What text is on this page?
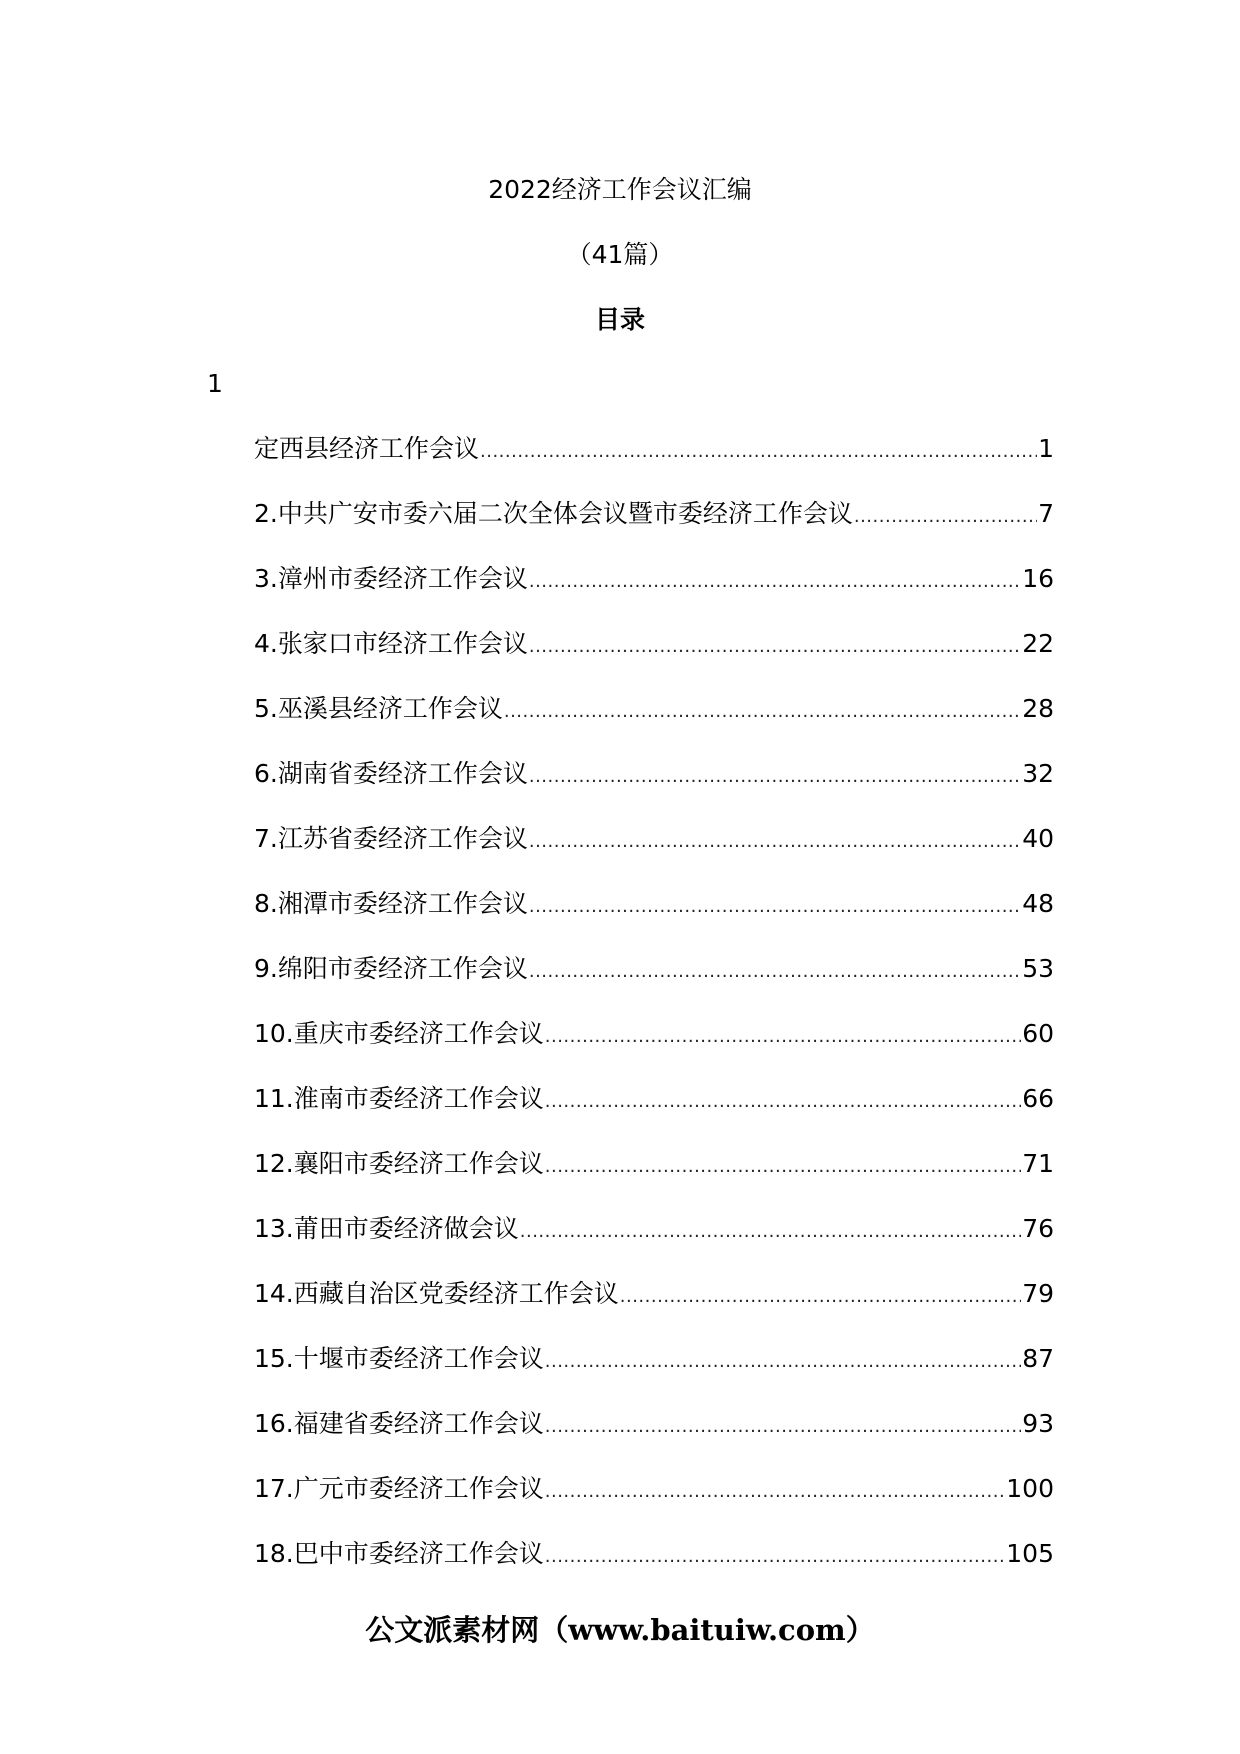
2022经济工作会议汇编
（41篇）
目录
1
定西县经济工作会议 .....	1
2.中共广安市委六届二次全体会议暨市委经济工作会议 .....	7
3.漳州市委经济工作会议 .....	16
4.张家口市经济工作会议 .....	22
5.巫溪县经济工作会议 .....	28
6.湖南省委经济工作会议 .....	32
7.江苏省委经济工作会议 .....	40
8.湘潭市委经济工作会议 .....	48
9.绵阳市委经济工作会议 .....	53
10.重庆市委经济工作会议 .....	60
11.淮南市委经济工作会议 .....	66
12.襄阳市委经济工作会议 .....	71
13.莆田市委经济做会议 .....	76
14.西藏自治区党委经济工作会议 .....	79
15.十堰市委经济工作会议 .....	87
16.福建省委经济工作会议 .....	93
17.广元市委经济工作会议 .....	100
18.巴中市委经济工作会议 .....	105
公文派素材网（www.baituiw.com）
